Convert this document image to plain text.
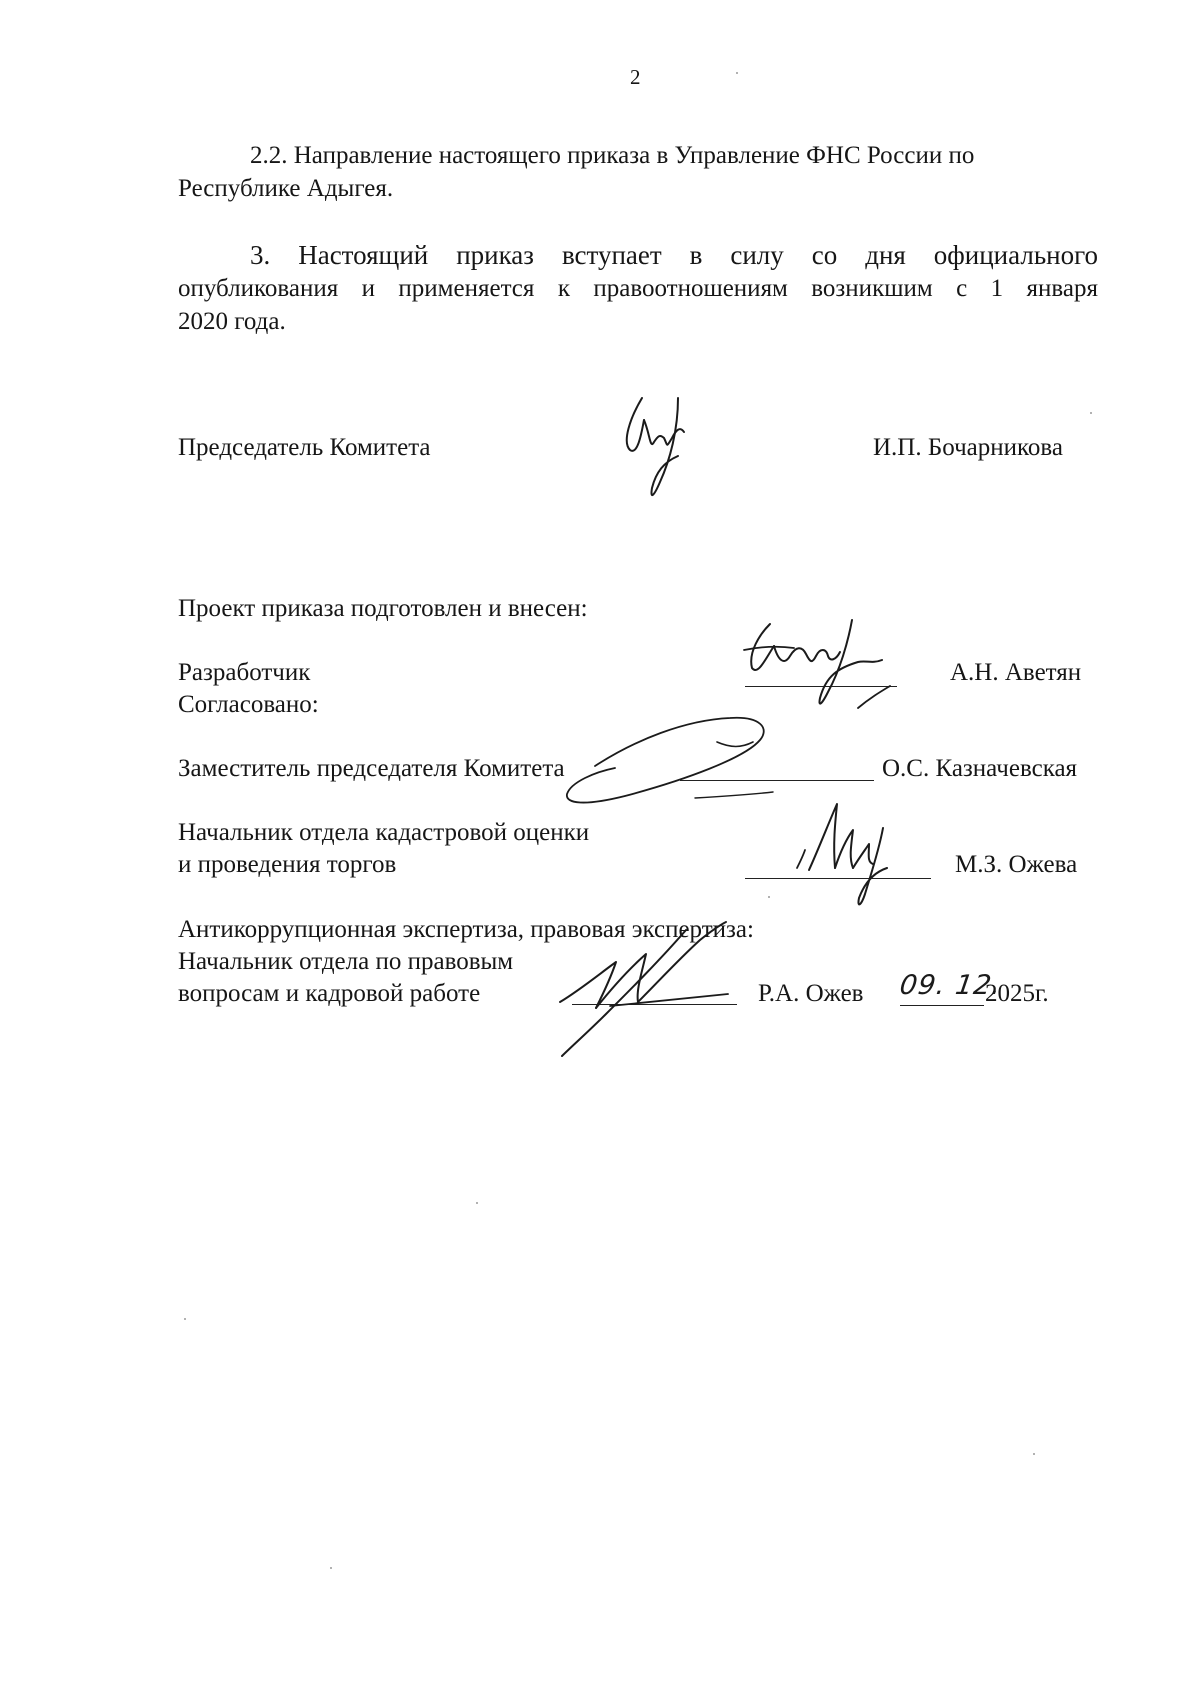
2
2.2. Направление настоящего приказа в Управление ФНС России по
Республике Адыгея.
3. Настоящий приказ вступает в силу со дня официального
опубликования и применяется к правоотношениям возникшим с 1 января
2020 года.
Председатель Комитета	И.П. Бочарникова
Проект приказа подготовлен и внесен:
Разработчик	А.Н. Аветян
Согласовано:
Заместитель председателя Комитета	О.С. Казначевская
Начальник отдела кадастровой оценки
и проведения торгов	М.З. Ожева
Антикоррупционная экспертиза, правовая экспертиза:
Начальник отдела по правовым
вопросам и кадровой работе	Р.А. Ожев 09. 12.
2025г.
